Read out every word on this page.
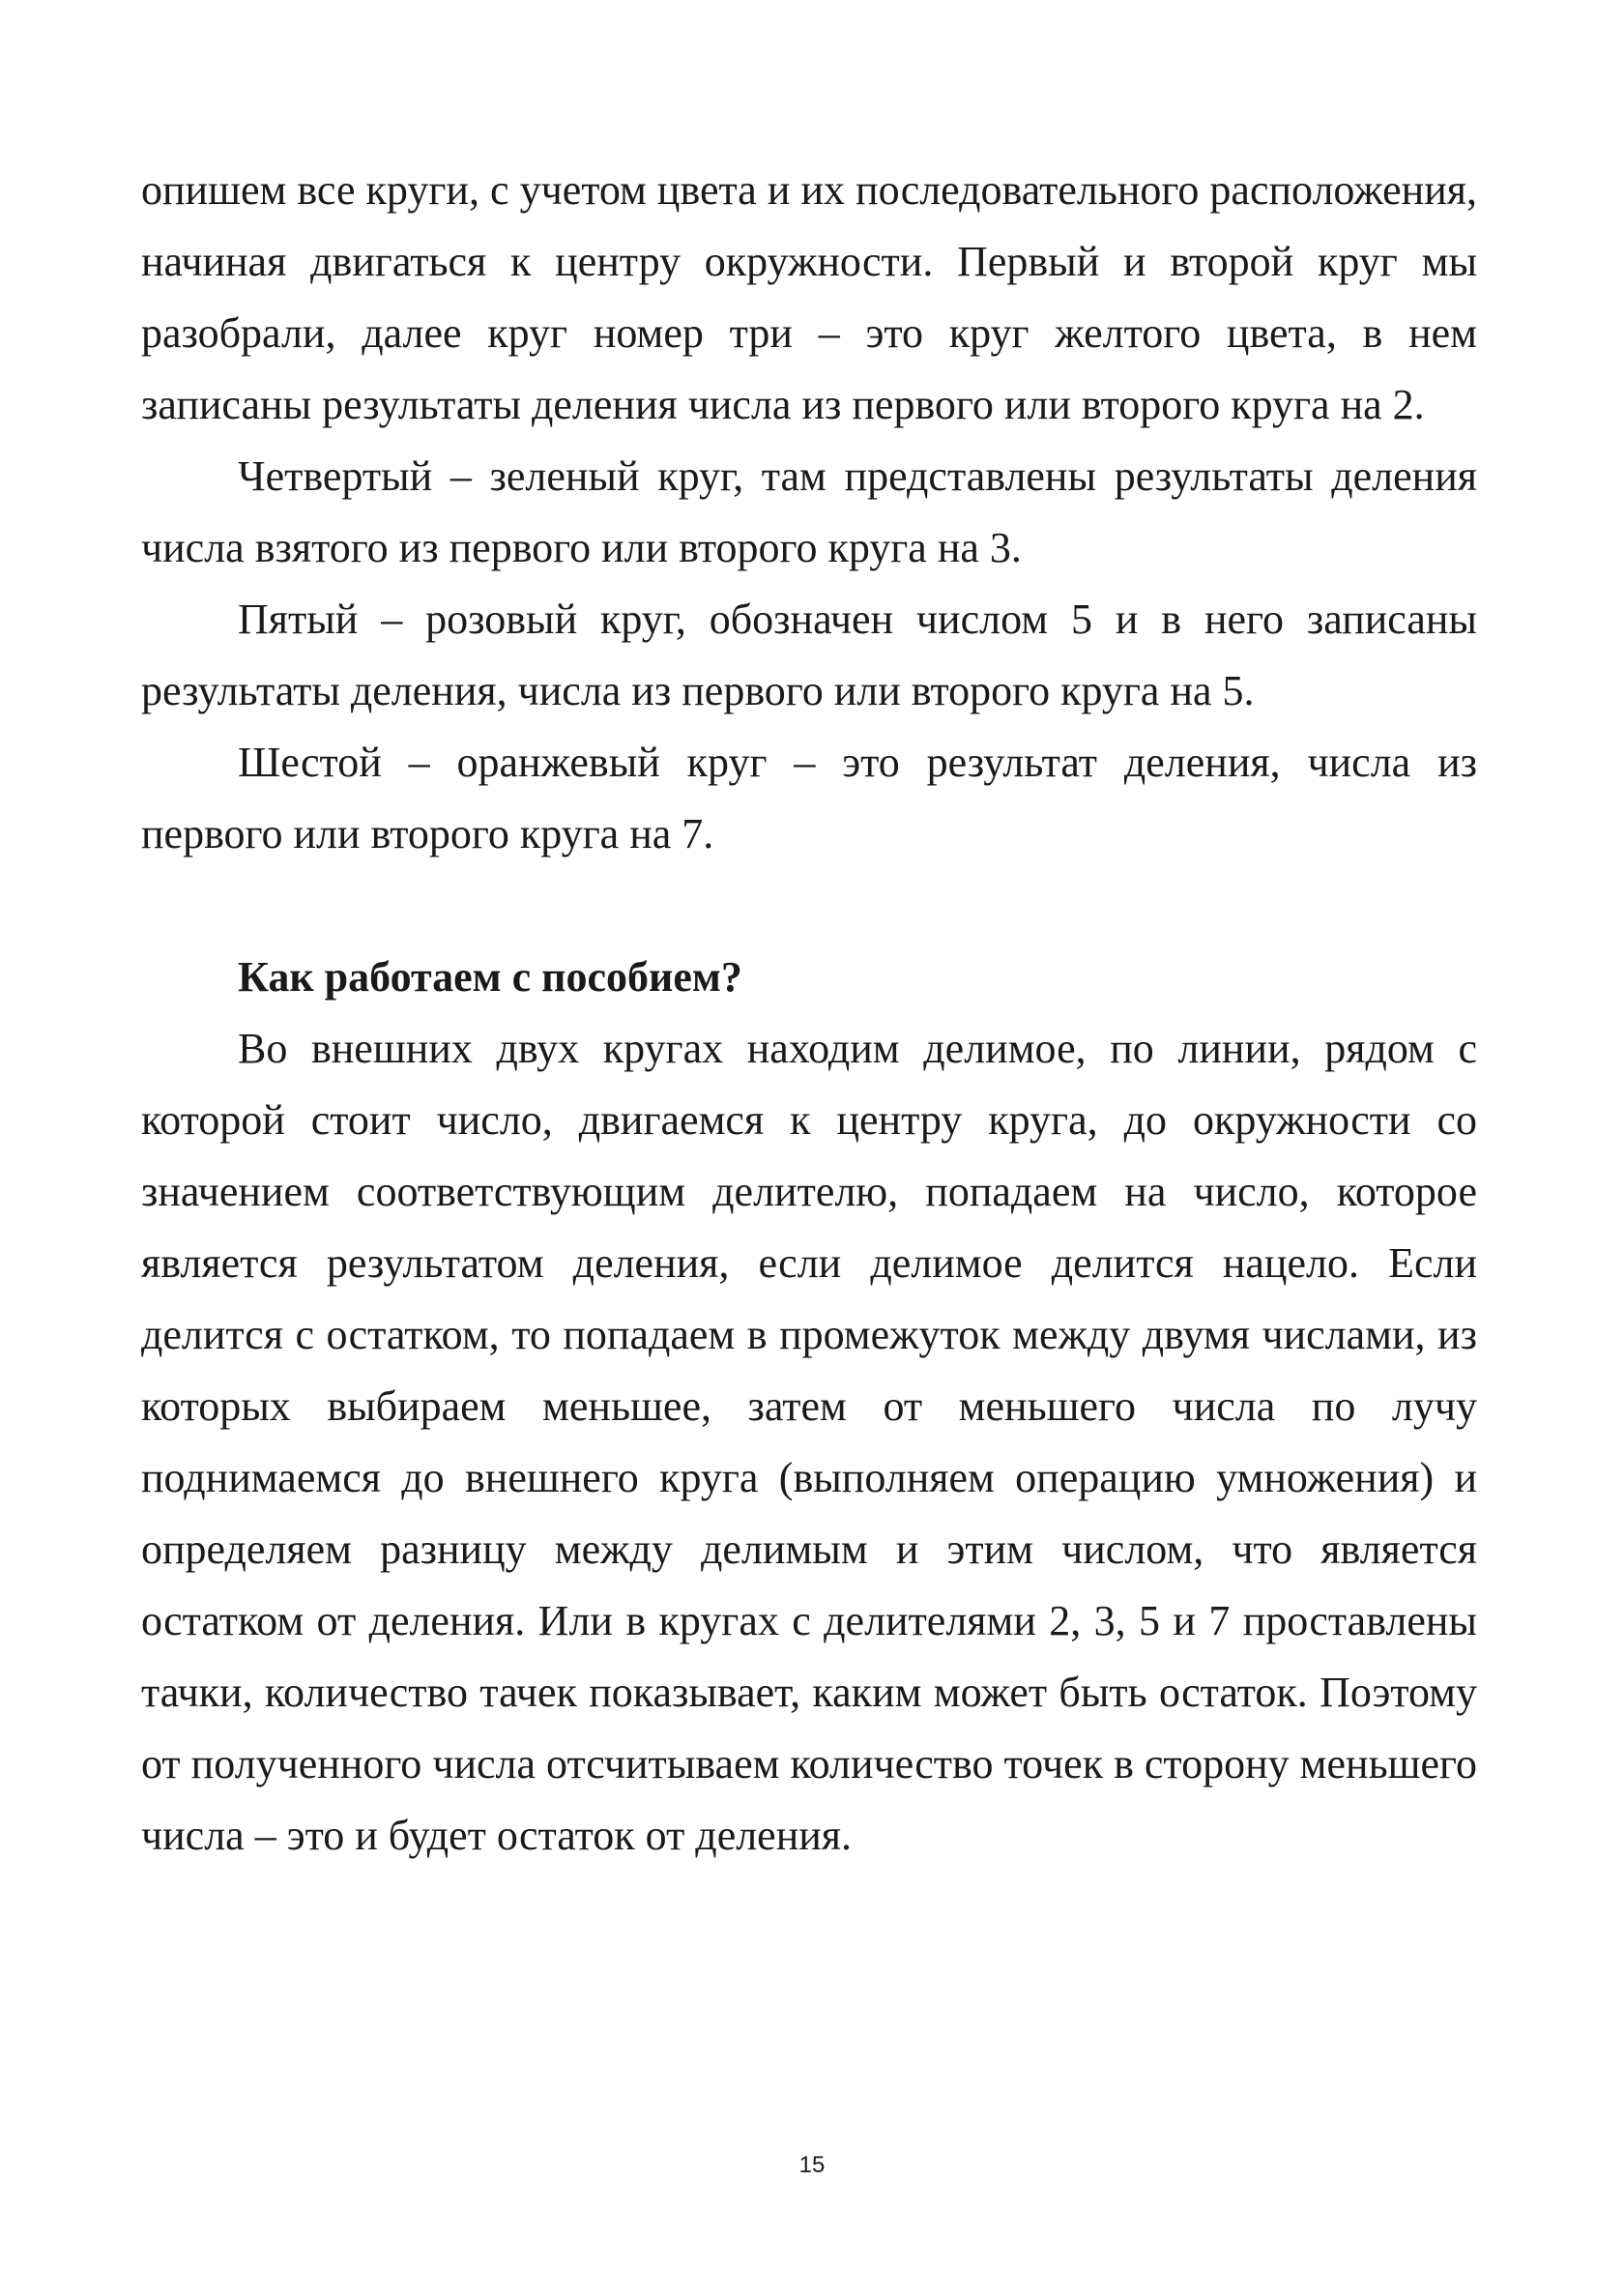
опишем все круги, с учетом цвета и их последовательного расположения, начиная двигаться к центру окружности. Первый и второй круг мы разобрали, далее круг номер три – это круг желтого цвета, в нем записаны результаты деления числа из первого или второго круга на 2.

Четвертый – зеленый круг, там представлены результаты деления числа взятого из первого или второго круга на 3.

Пятый – розовый круг, обозначен числом 5 и в него записаны результаты деления, числа из первого или второго круга на 5.

Шестой – оранжевый круг – это результат деления, числа из первого или второго круга на 7.

Как работаем с пособием?

Во внешних двух кругах находим делимое, по линии, рядом с которой стоит число, двигаемся к центру круга, до окружности со значением соответствующим делителю, попадаем на число, которое является результатом деления, если делимое делится нацело. Если делится с остатком, то попадаем в промежуток между двумя числами, из которых выбираем меньшее, затем от меньшего числа по лучу поднимаемся до внешнего круга (выполняем операцию умножения) и определяем разницу между делимым и этим числом, что является остатком от деления. Или в кругах с делителями 2, 3, 5 и 7 проставлены тачки, количество тачек показывает, каким может быть остаток. Поэтому от полученного числа отсчитываем количество точек в сторону меньшего числа – это и будет остаток от деления.

15
